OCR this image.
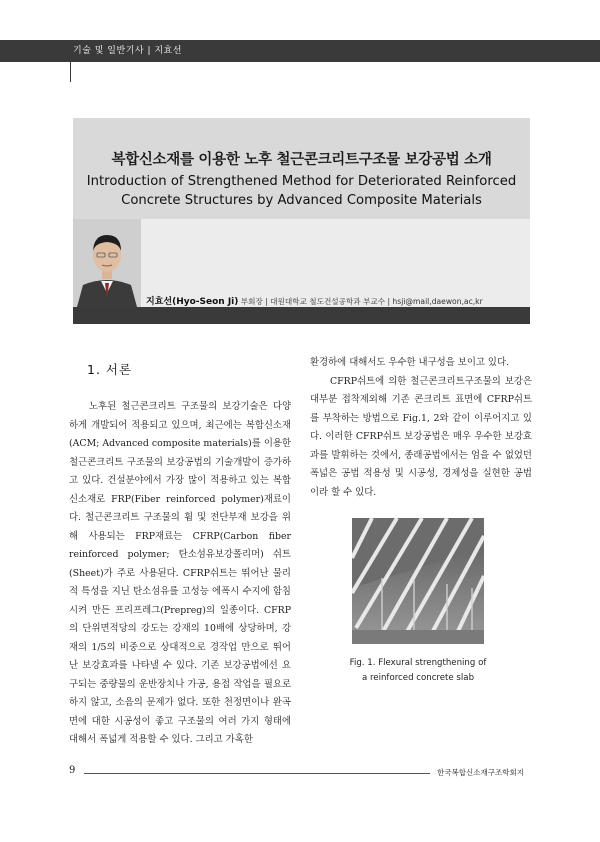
기술 및 일반기사 | 지효선
복합신소재를 이용한 노후 철근콘크리트구조물 보강공법 소개
Introduction of Strengthened Method for Deteriorated Reinforced
Concrete Structures by Advanced Composite Materials
지효선(Hyo-Seon Ji) 부회장 | 대원대학교 철도건설공학과 부교수 | hsji@mail,daewon,ac,kr
1. 서론

노후된 철근콘크리트 구조물의 보강기술은 다양하게 개발되어 적용되고 있으며, 최근에는 복합신소재(ACM; Advanced composite materials)를 이용한 철근콘크리트 구조물의 보강공법의 기술개발이 증가하고 있다. 건설분야에서 가장 많이 적용하고 있는 복합신소재로 FRP(Fiber reinforced polymer)재료이다. 철근콘크리트 구조물의 휨 및 전단부재 보강을 위해 사용되는 FRP재료는 CFRP(Carbon fiber reinforced polymer; 탄소섬유보강폴리머) 쉬트(Sheet)가 주로 사용된다. CFRP쉬트는 뛰어난 물리적 특성을 지닌 탄소섬유를 고성능 에폭시 수지에 함침시켜 만든 프리프레그(Prepreg)의 일종이다. CFRP의 단위면적당의 강도는 강재의 10배에 상당하며, 강재의 1/5의 비중으로 상대적으로 경작업 만으로 뛰어난 보강효과를 나타낼 수 있다. 기존 보강공법에선 요구되는 중량물의 운반장치나 가공, 용접 작업을 필요로 하지 않고, 소음의 문제가 없다. 또한 천정면이나 완곡면에 대한 시공성이 좋고 구조물의 여러 가지 형태에 대해서 폭넓게 적용할 수 있다. 그리고 가혹한

환경하에 대해서도 우수한 내구성을 보이고 있다.

CFRP쉬트에 의한 철근콘크리트구조물의 보강은 대부분 접착제외해 기존 콘크리트 표면에 CFRP쉬트를 부착하는 방법으로 Fig.1, 2와 같이 이루어지고 있다. 이러한 CFRP쉬트 보강공법은 매우 우수한 보강효과를 발휘하는 것에서, 종래공법에서는 엄을 수 없었던 폭넓은 공법 적용성 및 시공성, 경제성을 실현한 공법이라 할 수 있다.

Fig. 1. Flexural strengthening of
a reinforced concrete slab
9	한국복합신소재구조학회지
